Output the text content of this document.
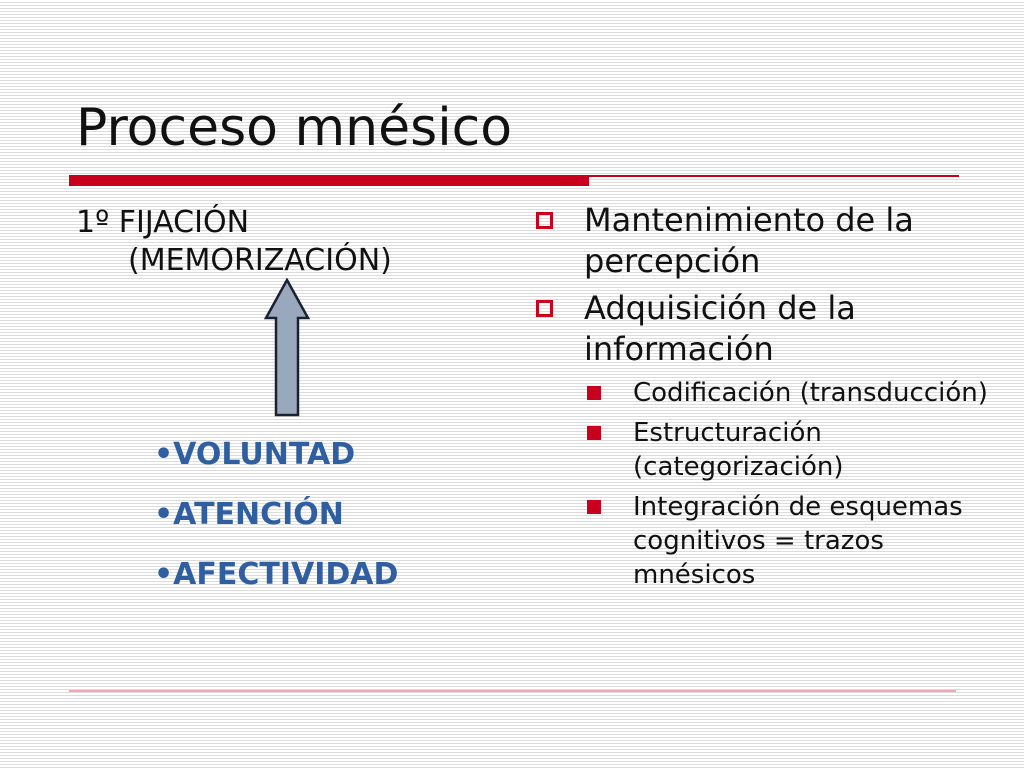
Proceso mnésico
1º FIJACIÓN
(MEMORIZACIÓN)
•VOLUNTAD
•ATENCIÓN
•AFECTIVIDAD
Mantenimiento de la percepción
Adquisición de la información
Codificación (transducción)
Estructuración (categorización)
Integración de esquemas cognitivos = trazos mnésicos
